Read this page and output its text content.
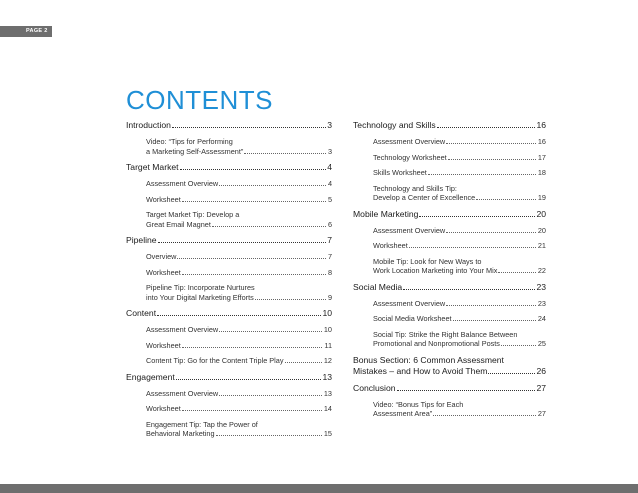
PAGE 2
CONTENTS
Introduction	3
Video: “Tips for Performing
a Marketing Self-Assessment”	3
Target Market	4
Assessment Overview	4
Worksheet	5
Target Market Tip: Develop a
Great Email Magnet	6
Pipeline	7
Overview	7
Worksheet	8
Pipeline Tip: Incorporate Nurtures
into Your Digital Marketing Efforts	9
Content	10
Assessment Overview	10
Worksheet	11
Content Tip: Go for the Content Triple Play	12
Engagement	13
Assessment Overview	13
Worksheet	14
Engagement Tip: Tap the Power of
Behavioral Marketing	15
Technology and Skills	16
Assessment Overview	16
Technology Worksheet	17
Skills Worksheet	18
Technology and Skills Tip:
Develop a Center of Excellence	19
Mobile Marketing	20
Assessment Overview	20
Worksheet	21
Mobile Tip: Look for New Ways to
Work Location Marketing into Your Mix	22
Social Media	23
Assessment Overview	23
Social Media Worksheet	24
Social Tip: Strike the Right Balance Between
Promotional and Nonpromotional Posts	25
Bonus Section: 6 Common Assessment
Mistakes – and How to Avoid Them	26
Conclusion	27
Video: “Bonus Tips for Each
Assessment Area”	27
